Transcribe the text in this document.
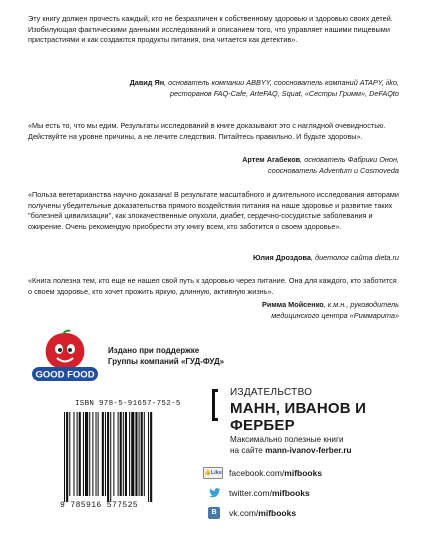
Эту книгу должен прочесть каждый, кто не безразличен к собственному здоровью и здоровью своих детей. Изобилующая фактическими данными исследований и описанием того, что управляет нашими пищевыми пристрастиями и как создаются продукты питания, она читается как детектив».

Давид Ян, основатель компании ABBYY, сооснователь компаний ATAPY, iiko,
ресторанов FAQ-Cafe, ArteFAQ, Squat, «Сестры Гримм», DeFAQto

«Мы есть то, что мы едим. Результаты исследований в книге доказывают это с наглядной очевидностью. Действуйте на уровне причины, а не лечите следствия. Питайтесь правильно. И будьте здоровы».

Артем Агабеков, основатель Фабрики Онон,
сооснователь Adventum и Cosmoveda

«Польза вегетарианства научно доказана! В результате масштабного и длительного исследования авторами получены убедительные доказательства прямого воздействия питания на наше здоровье и развитие таких "болезней цивилизации", как злокачественные опухоли, диабет, сердечно-сосудистые заболевания и ожирение. Очень рекомендую приобрести эту книгу всем, кто заботится о своем здоровье».

Юлия Дроздова, диетолог сайта dieta.ru

«Книга полезна тем, кто еще не нашел свой путь к здоровью через питание. Она для каждого, кто заботится о своем здоровье, кто хочет прожить яркую, длинную, активную жизнь».

Римма Мойсенко, к.м.н., руководитель
медицинского центра «Риммарита»

GOOD FOOD
Издано при поддержке
Группы компаний «ГУД-ФУД»
ISBN 978-5-91657-752-5
9 785916 577525
ИЗДАТЕЛЬСТВО
МАНН, ИВАНОВ И ФЕРБЕР
Максимально полезные книги
на сайте mann-ivanov-ferber.ru
👍Like facebook.com/mifbooks
twitter.com/mifbooks
B	vk.com/mifbooks
